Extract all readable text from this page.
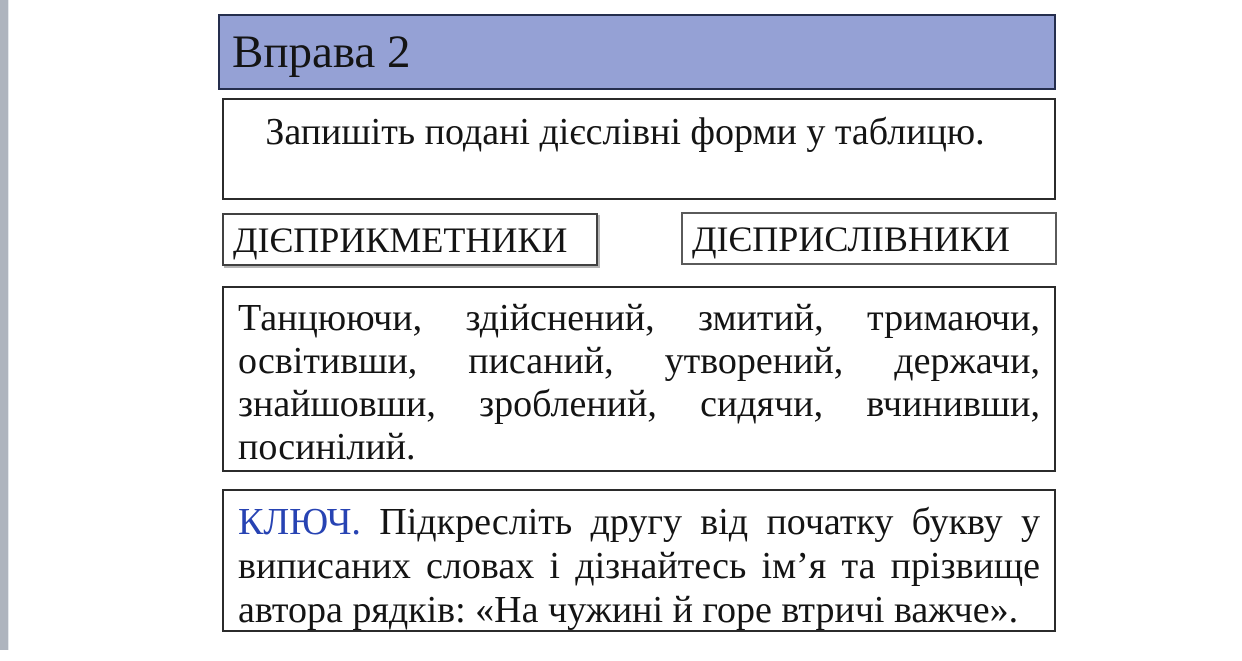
Вправа 2
Запишіть подані дієслівні форми у таблицю.
ДІЄПРИКМЕТНИКИ	ДІЄПРИСЛІВНИКИ
Танцюючи, здійснений, змитий, тримаючи,
освітивши, писаний, утворений, держачи,
знайшовши, зроблений, сидячи, вчинивши,
посинілий.
КЛЮЧ. Підкресліть другу від початку букву у
виписаних словах і дізнайтесь ім’я та прізвище
автора рядків: «На чужині й горе втричі важче».
